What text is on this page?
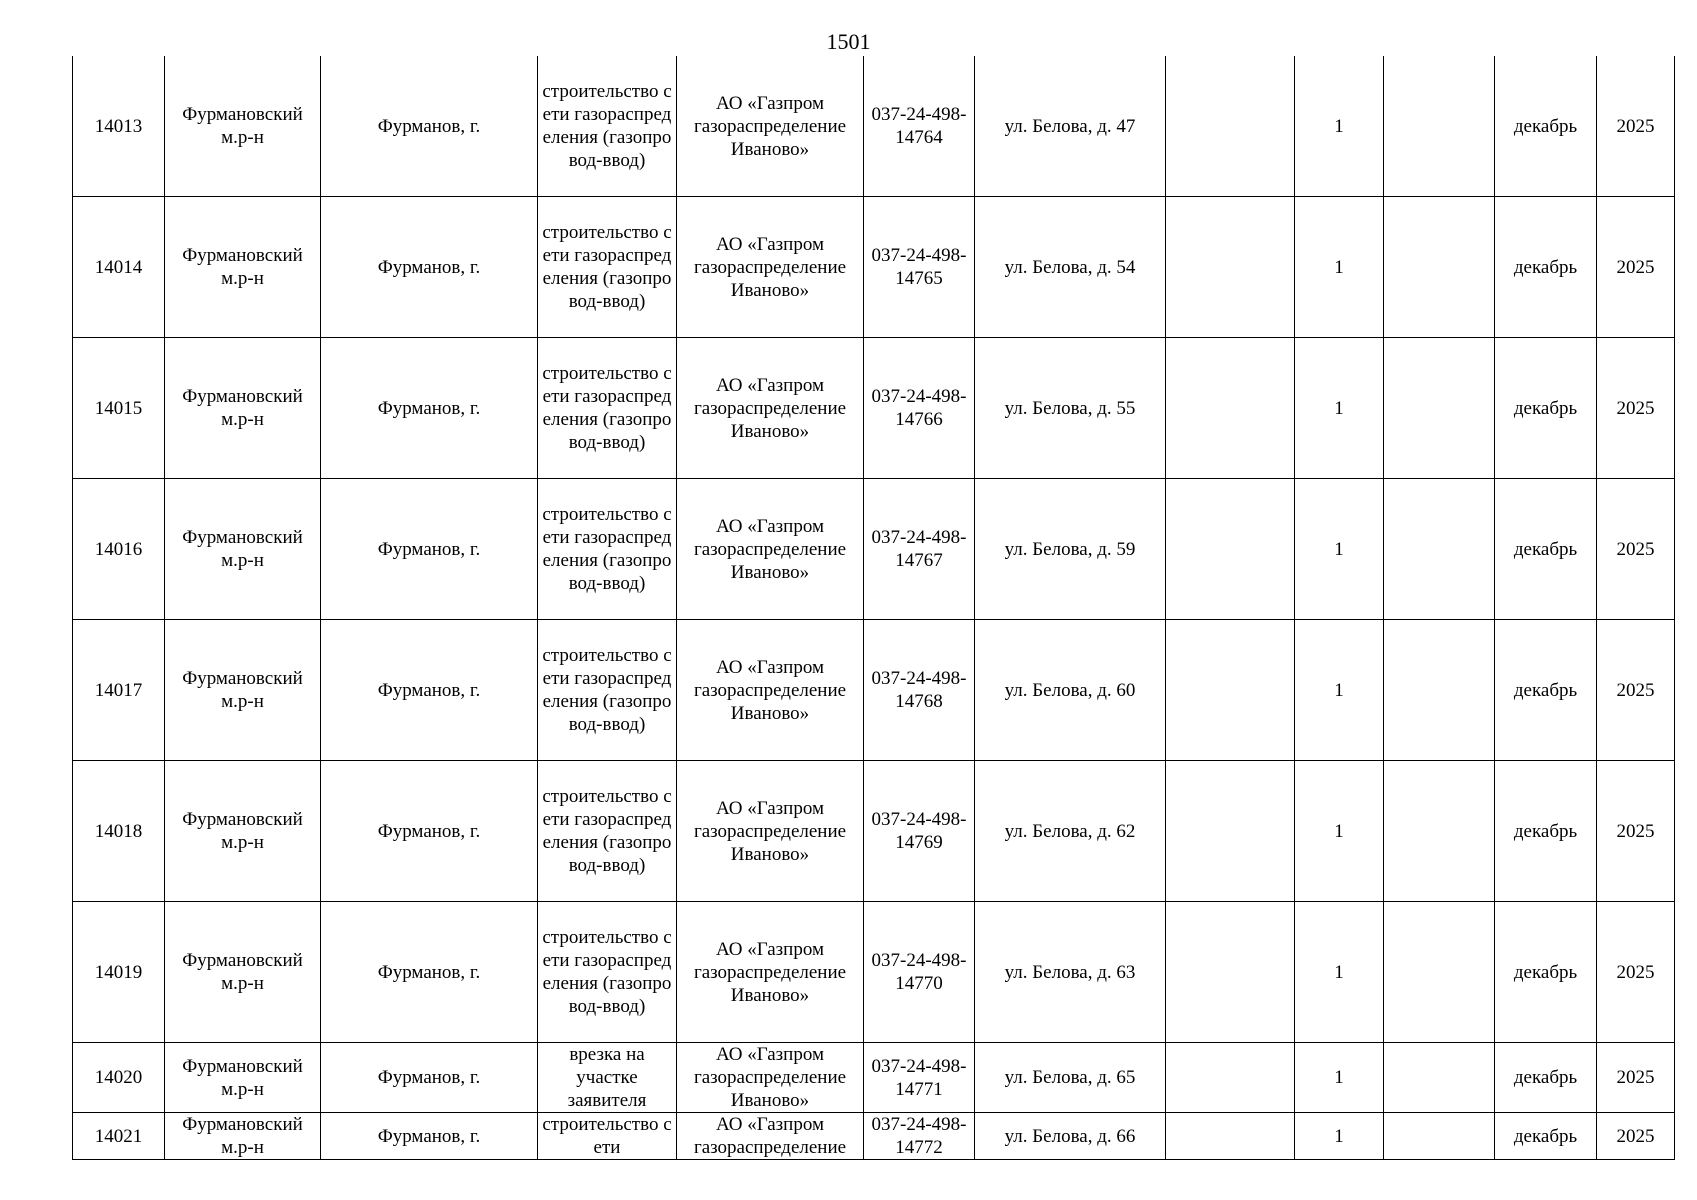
1501
14013	Фурмановский м.р-н	Фурманов, г.	строительство сети газораспределения (газопровод-ввод)	АО «Газпром газораспределение Иваново»	037-24-498-14764	ул. Белова, д. 47		1		декабрь	2025
14014	Фурмановский м.р-н	Фурманов, г.	строительство сети газораспределения (газопровод-ввод)	АО «Газпром газораспределение Иваново»	037-24-498-14765	ул. Белова, д. 54		1		декабрь	2025
14015	Фурмановский м.р-н	Фурманов, г.	строительство сети газораспределения (газопровод-ввод)	АО «Газпром газораспределение Иваново»	037-24-498-14766	ул. Белова, д. 55		1		декабрь	2025
14016	Фурмановский м.р-н	Фурманов, г.	строительство сети газораспределения (газопровод-ввод)	АО «Газпром газораспределение Иваново»	037-24-498-14767	ул. Белова, д. 59		1		декабрь	2025
14017	Фурмановский м.р-н	Фурманов, г.	строительство сети газораспределения (газопровод-ввод)	АО «Газпром газораспределение Иваново»	037-24-498-14768	ул. Белова, д. 60		1		декабрь	2025
14018	Фурмановский м.р-н	Фурманов, г.	строительство сети газораспределения (газопровод-ввод)	АО «Газпром газораспределение Иваново»	037-24-498-14769	ул. Белова, д. 62		1		декабрь	2025
14019	Фурмановский м.р-н	Фурманов, г.	строительство сети газораспределения (газопровод-ввод)	АО «Газпром газораспределение Иваново»	037-24-498-14770	ул. Белова, д. 63		1		декабрь	2025
14020	Фурмановский м.р-н	Фурманов, г.	врезка на участке заявителя	АО «Газпром газораспределение Иваново»	037-24-498-14771	ул. Белова, д. 65		1		декабрь	2025
14021	Фурмановский м.р-н	Фурманов, г.	строительство сети	АО «Газпром газораспределение	037-24-498-14772	ул. Белова, д. 66		1		декабрь	2025
